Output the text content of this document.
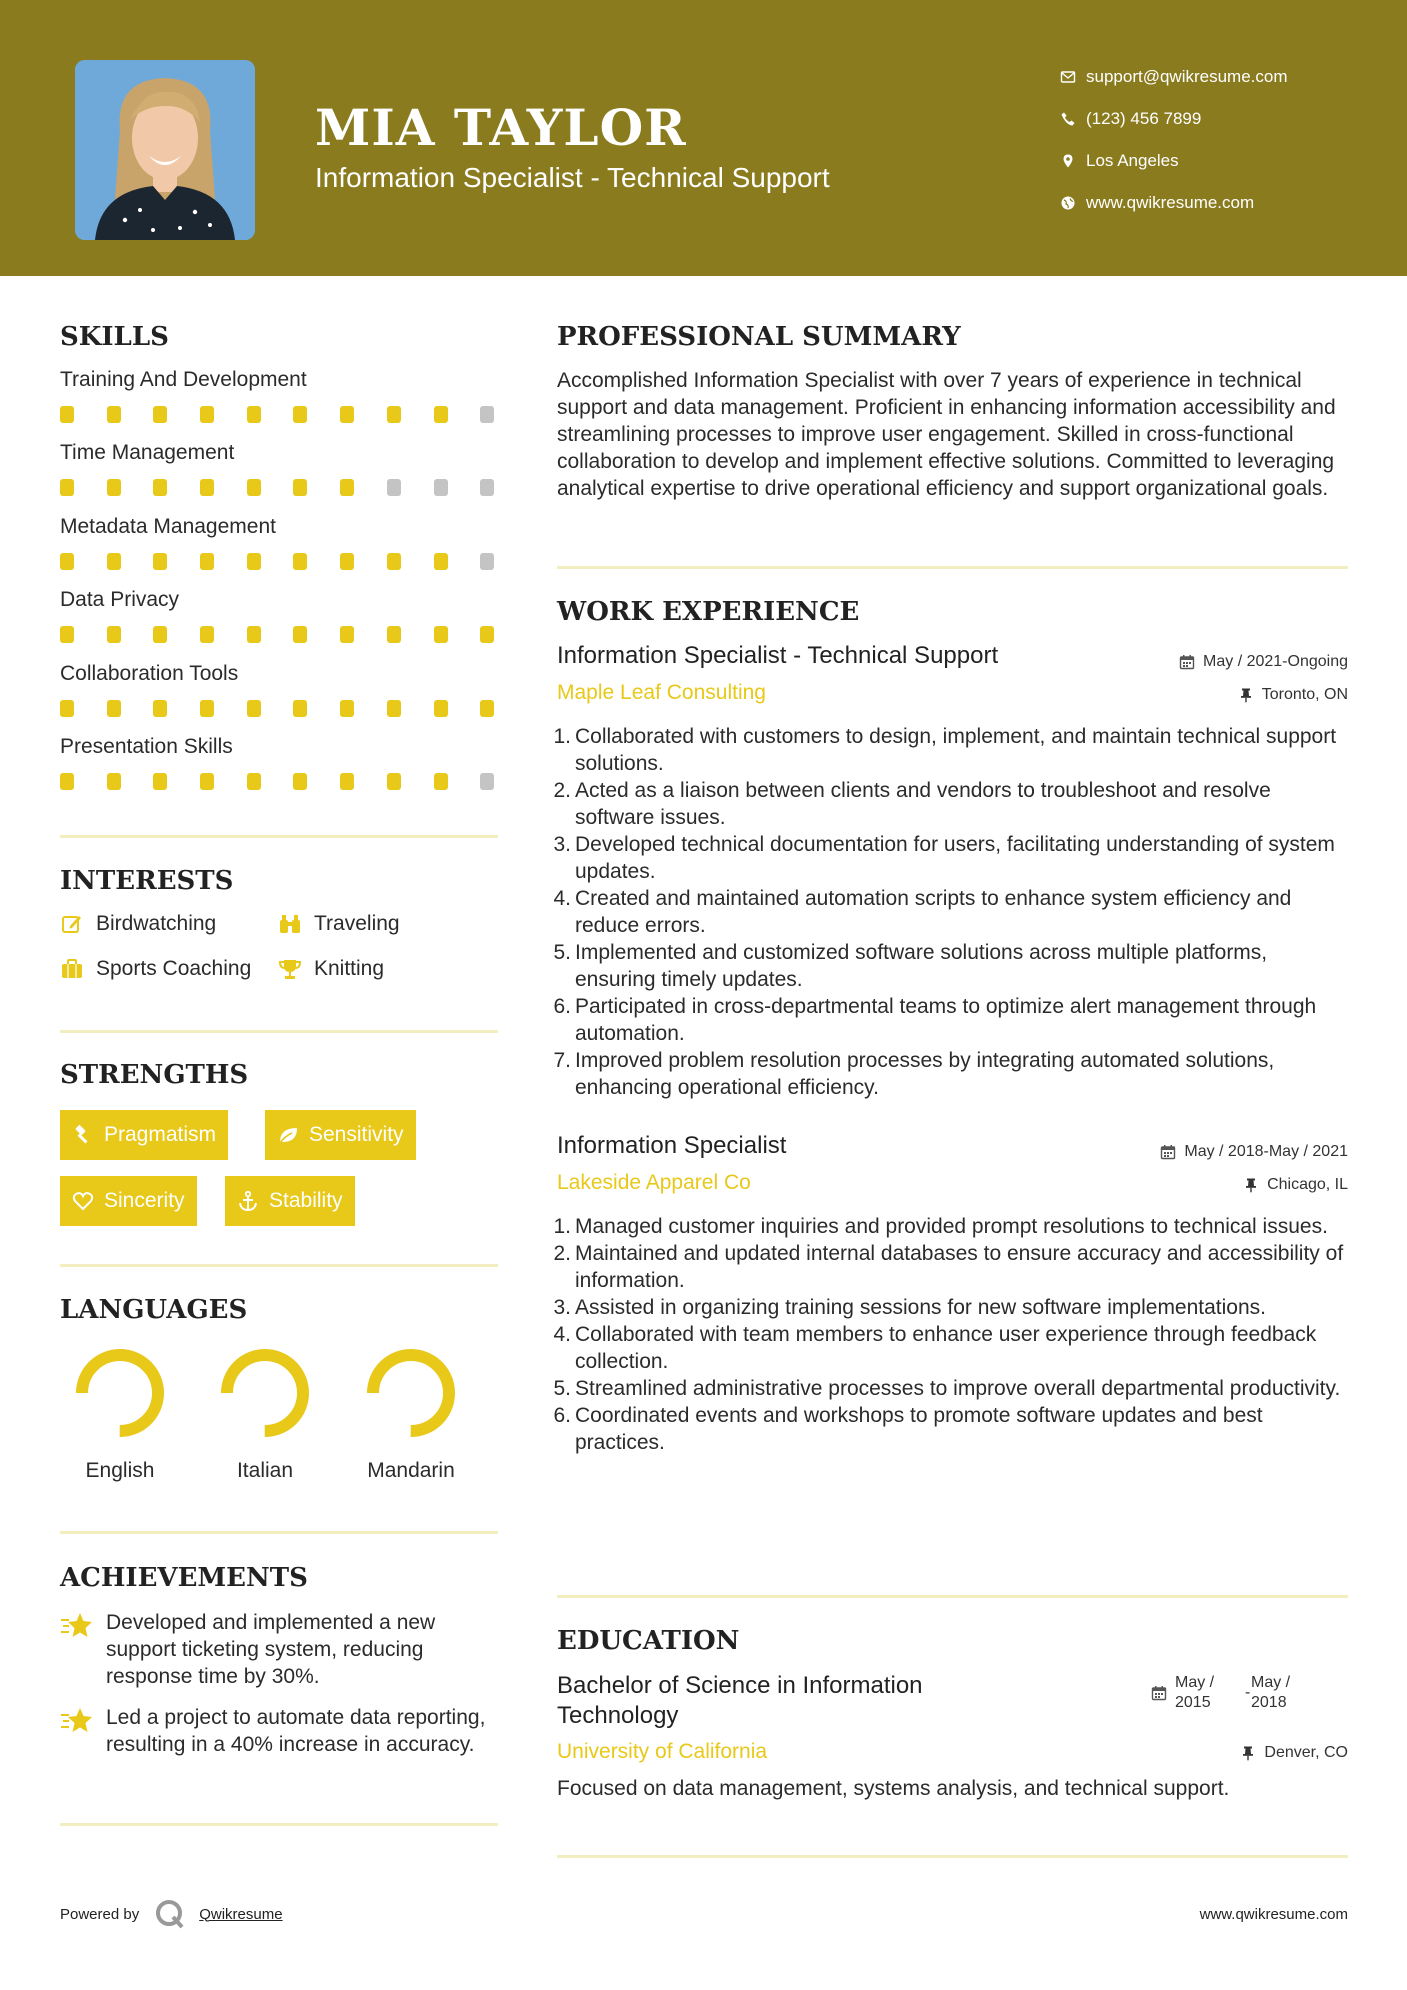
MIA TAYLOR
Information Specialist - Technical Support
support@qwikresume.com
(123) 456 7899
Los Angeles
www.qwikresume.com
SKILLS
Training And Development
Time Management
Metadata Management
Data Privacy
Collaboration Tools
Presentation Skills
INTERESTS
Birdwatching	Traveling
Sports Coaching	Knitting
STRENGTHS
Pragmatism	Sensitivity
Sincerity	Stability
LANGUAGES
English	Italian	Mandarin
ACHIEVEMENTS
Developed and implemented a new support ticketing system, reducing response time by 30%.
Led a project to automate data reporting, resulting in a 40% increase in accuracy.
PROFESSIONAL SUMMARY
Accomplished Information Specialist with over 7 years of experience in technical support and data management. Proficient in enhancing information accessibility and streamlining processes to improve user engagement. Skilled in cross-functional collaboration to develop and implement effective solutions. Committed to leveraging analytical expertise to drive operational efficiency and support organizational goals.
WORK EXPERIENCE
Information Specialist - Technical Support	May / 2021-Ongoing
Maple Leaf Consulting	Toronto, ON
1. Collaborated with customers to design, implement, and maintain technical support solutions.
2. Acted as a liaison between clients and vendors to troubleshoot and resolve software issues.
3. Developed technical documentation for users, facilitating understanding of system updates.
4. Created and maintained automation scripts to enhance system efficiency and reduce errors.
5. Implemented and customized software solutions across multiple platforms, ensuring timely updates.
6. Participated in cross-departmental teams to optimize alert management through automation.
7. Improved problem resolution processes by integrating automated solutions, enhancing operational efficiency.
Information Specialist	May / 2018-May / 2021
Lakeside Apparel Co	Chicago, IL
1. Managed customer inquiries and provided prompt resolutions to technical issues.
2. Maintained and updated internal databases to ensure accuracy and accessibility of information.
3. Assisted in organizing training sessions for new software implementations.
4. Collaborated with team members to enhance user experience through feedback collection.
5. Streamlined administrative processes to improve overall departmental productivity.
6. Coordinated events and workshops to promote software updates and best practices.
EDUCATION
Bachelor of Science in Information
Technology
May /
2015
-
May /
2018
University of California	Denver, CO
Focused on data management, systems analysis, and technical support.
Powered by	Qwikresume	www.qwikresume.com
